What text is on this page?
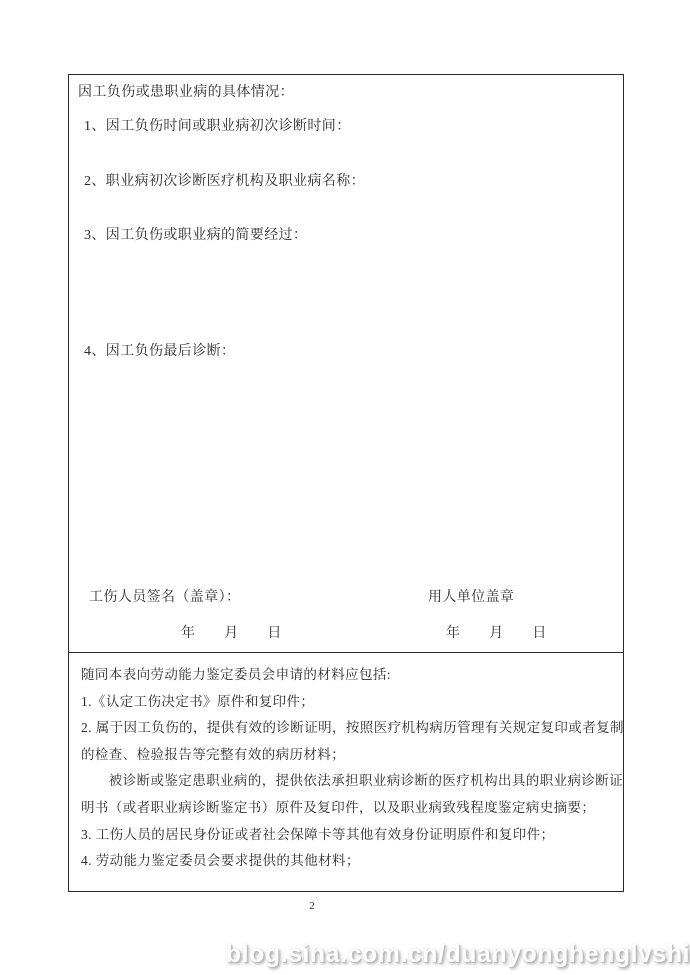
因工负伤或患职业病的具体情况：
1、因工负伤时间或职业病初次诊断时间：
2、职业病初次诊断医疗机构及职业病名称：
3、因工负伤或职业病的简要经过：
4、因工负伤最后诊断：
工伤人员签名（盖章）：	用人单位盖章
年　　月　　日	年　　月　　日
随同本表向劳动能力鉴定委员会申请的材料应包括:
1.《认定工伤决定书》原件和复印件；
2. 属于因工负伤的，提供有效的诊断证明，按照医疗机构病历管理有关规定复印或者复制
的检查、检验报告等完整有效的病历材料；
　　被诊断或鉴定患职业病的，提供依法承担职业病诊断的医疗机构出具的职业病诊断证
明书（或者职业病诊断鉴定书）原件及复印件，以及职业病致残程度鉴定病史摘要；
3. 工伤人员的居民身份证或者社会保障卡等其他有效身份证明原件和复印件；
4. 劳动能力鉴定委员会要求提供的其他材料；
2
blog.sina.com.cn/duanyonghenglvshi
